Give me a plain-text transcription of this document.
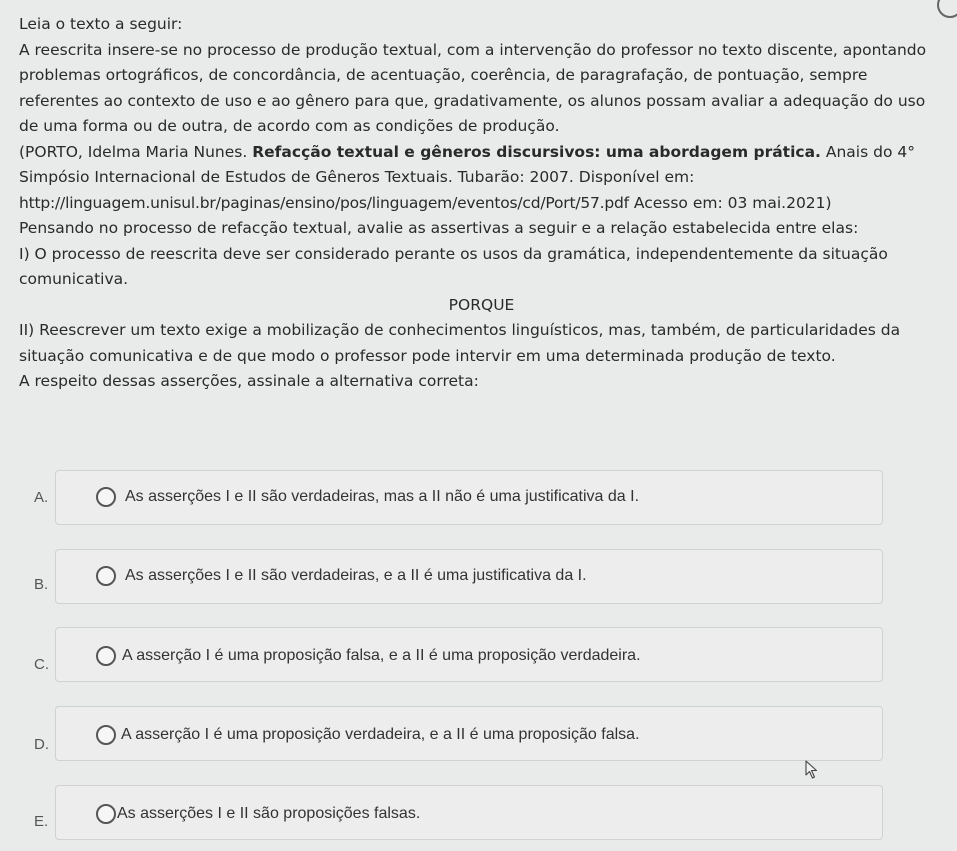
Leia o texto a seguir:

A reescrita insere-se no processo de produção textual, com a intervenção do professor no texto discente, apontando problemas ortográficos, de concordância, de acentuação, coerência, de paragrafação, de pontuação, sempre referentes ao contexto de uso e ao gênero para que, gradativamente, os alunos possam avaliar a adequação do uso de uma forma ou de outra, de acordo com as condições de produção.

(PORTO, Idelma Maria Nunes. Refacção textual e gêneros discursivos: uma abordagem prática. Anais do 4° Simpósio Internacional de Estudos de Gêneros Textuais. Tubarão: 2007. Disponível em:
http://linguagem.unisul.br/paginas/ensino/pos/linguagem/eventos/cd/Port/57.pdf Acesso em: 03 mai.2021)

Pensando no processo de refacção textual, avalie as assertivas a seguir e a relação estabelecida entre elas:

I) O processo de reescrita deve ser considerado perante os usos da gramática, independentemente da situação comunicativa.

PORQUE

II) Reescrever um texto exige a mobilização de conhecimentos linguísticos, mas, também, de particularidades da situação comunicativa e de que modo o professor pode intervir em uma determinada produção de texto.

A respeito dessas asserções, assinale a alternativa correta:

A.	As asserções I e II são verdadeiras, mas a II não é uma justificativa da I.
B.
As asserções I e II são verdadeiras, e a II é uma justificativa da I.
C.
A asserção I é uma proposição falsa, e a II é uma proposição verdadeira.
D.
A asserção I é uma proposição verdadeira, e a II é uma proposição falsa.
E.	As asserções I e II são proposições falsas.
